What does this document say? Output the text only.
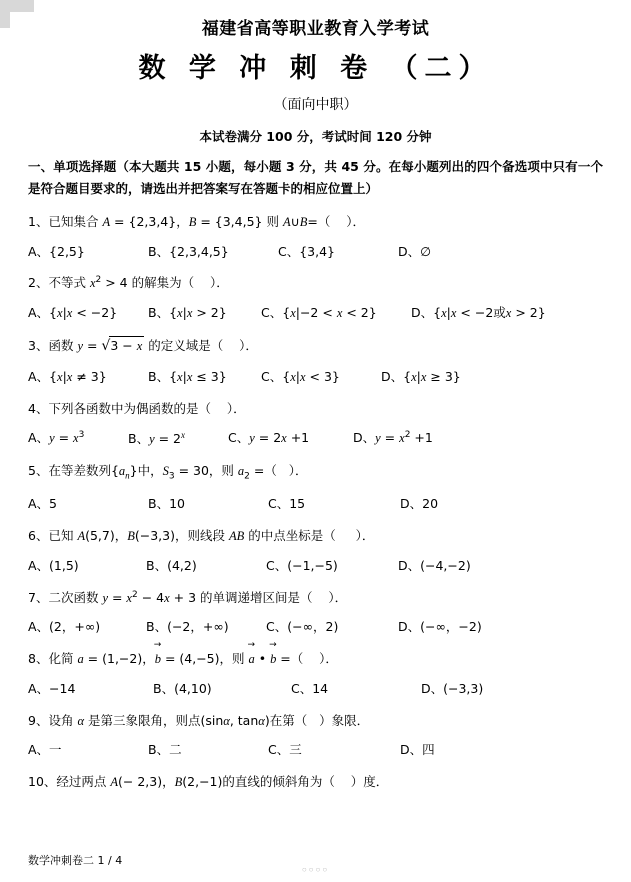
福建省高等职业教育入学考试
数 学 冲 刺 卷 （二）
（面向中职）
本试卷满分 100 分，考试时间 120 分钟
一、单项选择题（本大题共 15 小题，每小题 3 分，共 45 分。在每小题列出的四个备选项中只有一个是符合题目要求的，请选出并把答案写在答题卡的相应位置上）
1、已知集合 A = {2,3,4}，B = {3,4,5} 则 A∪B=（    ）．
A、{2,5}	B、{2,3,4,5}	C、{3,4}	D、∅
2、不等式 $x^2 > 4$ 的解集为（    ）．
A、{x|x < −2}	B、{x|x > 2}	C、{x|−2 < x < 2}	D、{x|x < −2或x > 2}
3、函数 y = √3 − x 的定义域是（    ）．
A、{x|x ≠ 3}	B、{x|x ≤ 3}	C、{x|x < 3}	D、{x|x ≥ 3}
4、下列各函数中为偶函数的是（    ）．
A、$y = x^3$	B、$y = 2^x$	C、y = 2x +1	D、$y = x^2 +1$
5、在等差数列$\{a_n\}$中，$S_3 = 30$，则 $a_2$ =（   ）．
A、5	B、10	C、15	D、20
6、已知 A(5,7)，B(−3,3)，则线段 AB 的中点坐标是（     ）．
A、(1,5)	B、(4,2)	C、(−1,−5)	D、(−4,−2)
7、二次函数 $y = x^2 - 4x + 3$ 的单调递增区间是（    ）．
A、(2，+∞)	B、(−2，+∞)	C、(−∞，2)	D、(−∞，−2)
8、化简 a = (1,−2)，b → = (4,−5)，则 a → • b → =（    ）．
A、−14	B、(4,10)	C、14	D、(−3,3)
9、设角 α 是第三象限角，则点(sinα, tanα)在第（   ）象限．
A、一	B、二	C、三	D、四
10、经过两点 A(− 2,3)，B(2,−1)的直线的倾斜角为（    ）度．
数学冲刺卷二 1 / 4
○○○○
